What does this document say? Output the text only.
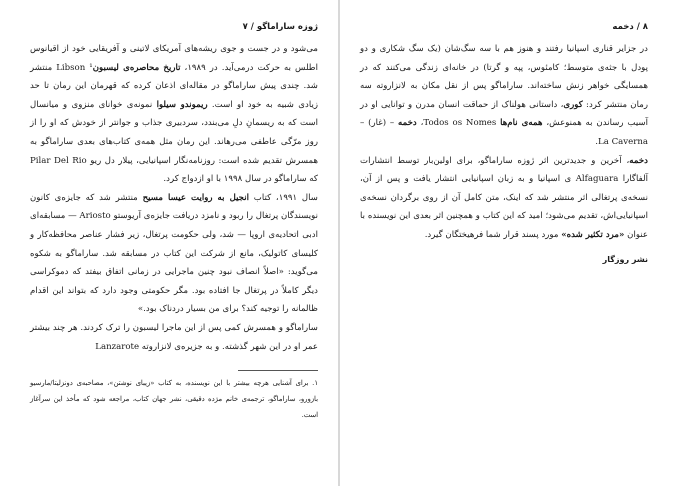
ژوزه ساراماگو / ۷

می‌شود و در جست و جوی ریشه‌های آمریکای لاتینی و آفریقایی خود از اقیانوس اطلس به حرکت درمی‌آید. در ۱۹۸۹، تاریخ محاصره‌ی لیسبون¹ Libson منتشر شد. چندی پیش ساراماگو در مقاله‌ای اذعان کرده که قهرمان این رمان تا حد زیادی شبیه به خود او است. ریموندو سیلوا نمونه‌ی خوانای منزوی و میانسال است که به ریسمانِ دلِ می‌بندد، سردبیری جذاب و جوانتر از خودش که او را از روز مرّگی عاطفی می‌رهاند. این رمان مثل همه‌ی کتاب‌های بعدی ساراماگو به همسرش تقدیم شده است: روزنامه‌نگار اسپانیایی، پیلار دل ریو Pilar Del Rio که ساراماگو در سال ۱۹۹۸ با او ازدواج کرد.

سال ۱۹۹۱، کتاب انجیل به روایت عیسا مسیح منتشر شد که جایزه‌ی کانون نویسندگان پرتغال را ربود و نامزد دریافت جایزه‌ی آریوستو Ariosto — مسابقه‌ای ادبی اتحادیه‌ی اروپا — شد، ولی حکومت پرتغال، زیر فشار عناصر محافظه‌کار و کلیسای کاتولیک، مانع از شرکت این کتاب در مسابقه شد. ساراماگو به شکوه می‌گوید: «اصلاً انصاف نبود چنین ماجرایی در زمانی اتفاق بیفتد که دموکراسی دیگر کاملاً در پرتغال جا افتاده بود. مگر حکومتی وجود دارد که بتواند این اقدام ظالمانه را توجیه کند؟ برای من بسیار دردناک بود.»

ساراماگو و همسرش کمی پس از این ماجرا لیسبون را ترک کردند. هر چند بیشتر عمر او در این شهر گذشته. و به جزیره‌ی لانزاروته Lanzarote

۱. برای آشنایی هرچه بیشتر با این نویسنده، به کتاب «زیبای نوشتن»، مصاحبه‌ی دونزلیتا/مارسیو بازورو، ساراماگو، ترجمه‌ی خانم مژده دقیقی، نشر جهان کتاب، مراجعه شود که مأخذ این سرآغاز است.
۸ / دخمه

در جزایر قناری اسپانیا رفتند و هنوز هم با سه سگ‌شان (یک سگ شکاری و دو پودل با جثه‌ی متوسط؛ کامئوس، پپه و گرتا) در خانه‌ای زندگی می‌کنند که در همسایگی خواهر زنش ساخته‌اند. ساراماگو پس از نقل مکان به لانزاروته سه رمان منتشر کرد: کوری، داستانی هولناک از حماقت انسان مدرن و توانایی او در آسیب رساندن به همنوعش، همه‌ی نام‌ها Todos os Nomes، دخمه – (غار) – La Caverna.

دخمه، آخرین و جدیدترین اثر ژوزه ساراماگو، برای اولین‌بار توسط انتشارات آلفاگارا Alfaguara ی اسپانیا و به زبان اسپانیایی انتشار یافت و پس از آن، نسخه‌ی پرتغالی اثر منتشر شد که اینک، متن کامل آن از روی برگردان نسخه‌ی اسپانیایی‌اش، تقدیم می‌شود؛ امید که این کتاب و همچنین اثر بعدی این نویسنده با عنوان «مرد تکثیر شده» مورد پسند قرار شما فرهیختگان گیرد.

نشر روزگار
